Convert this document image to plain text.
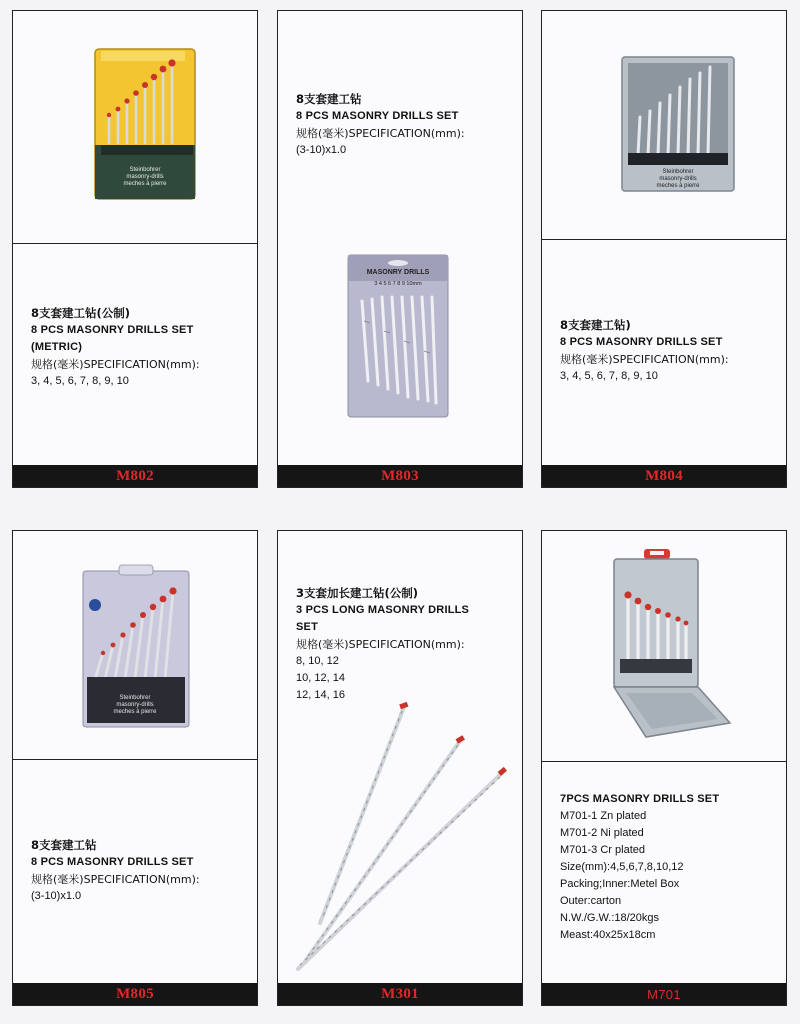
Steinbohrer
masonry-drills
meches à pierre
8支套建工钻(公制)
8 PCS MASONRY DRILLS SET
(METRIC)
规格(毫米)SPECIFICATION(mm):
3, 4, 5, 6, 7, 8, 9, 10
M802
8支套建工钻
8 PCS MASONRY DRILLS SET
规格(毫米)SPECIFICATION(mm):
(3-10)x1.0
MASONRY DRILLS
3 4 5 6 7 8 9 10mm
M803
Steinbohrer
masonry-drills
meches à pierre
8支套建工钻)
8 PCS MASONRY DRILLS SET
规格(毫米)SPECIFICATION(mm):
3, 4, 5, 6, 7, 8, 9, 10
M804
Steinbohrer
masonry-drills
meches à pierre
8支套建工钻
8 PCS MASONRY DRILLS SET
规格(毫米)SPECIFICATION(mm):
(3-10)x1.0
M805
3支套加长建工钻(公制)
3 PCS LONG MASONRY DRILLS
SET
规格(毫米)SPECIFICATION(mm):
8, 10, 12
10, 12, 14
12, 14, 16
M301
7PCS MASONRY DRILLS SET
M701-1 Zn plated
M701-2 Ni plated
M701-3 Cr plated
Size(mm):4,5,6,7,8,10,12
Packing;Inner:Metel Box
Outer:carton
N.W./G.W.:18/20kgs
Meast:40x25x18cm
M701
